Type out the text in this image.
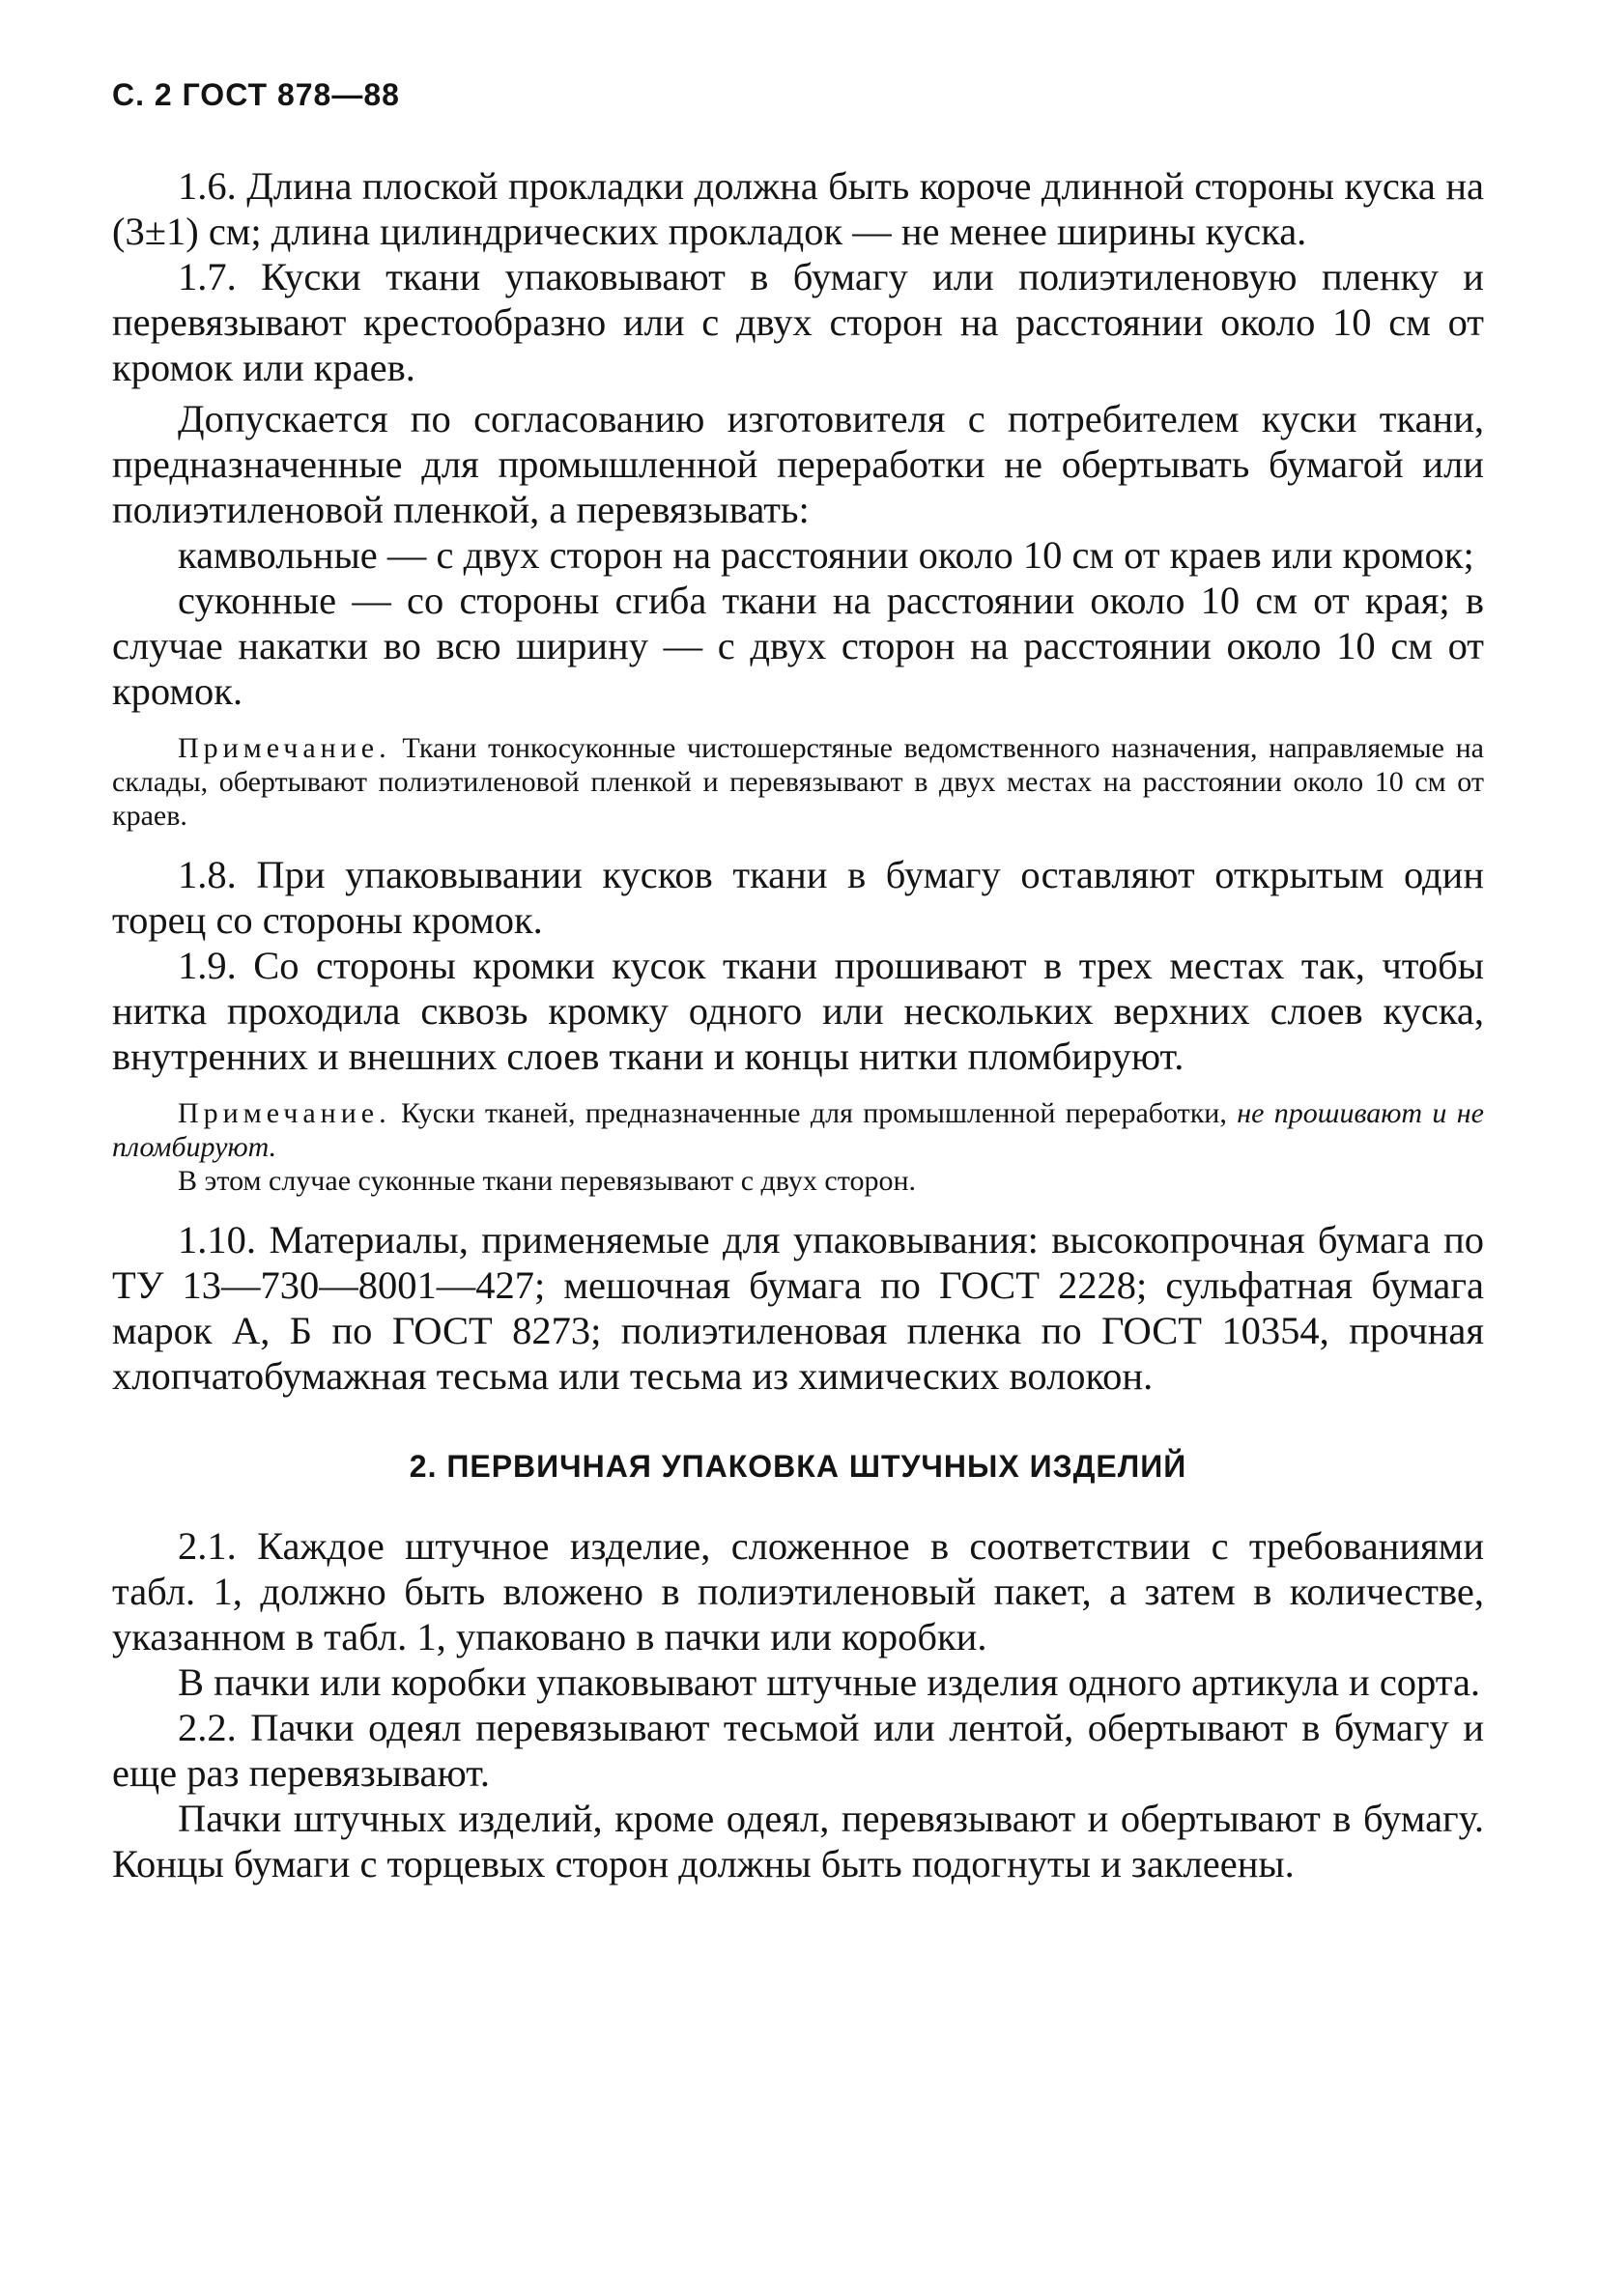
С. 2 ГОСТ 878—88

1.6. Длина плоской прокладки должна быть короче длинной стороны куска на (3±1) см; длина цилиндрических прокладок — не менее ширины куска.

1.7. Куски ткани упаковывают в бумагу или полиэтиленовую пленку и перевязывают крестообразно или с двух сторон на расстоянии около 10 см от кромок или краев.

Допускается по согласованию изготовителя с потребителем куски ткани, предназначенные для промышленной переработки не обертывать бумагой или полиэтиленовой пленкой, а перевязывать:

камвольные — с двух сторон на расстоянии около 10 см от краев или кромок;

суконные — со стороны сгиба ткани на расстоянии около 10 см от края; в случае накатки во всю ширину — с двух сторон на расстоянии около 10 см от кромок.

Примечание. Ткани тонкосуконные чистошерстяные ведомственного назначения, направляемые на склады, обертывают полиэтиленовой пленкой и перевязывают в двух местах на расстоянии около 10 см от краев.

1.8. При упаковывании кусков ткани в бумагу оставляют открытым один торец со стороны кромок.

1.9. Со стороны кромки кусок ткани прошивают в трех местах так, чтобы нитка проходила сквозь кромку одного или нескольких верхних слоев куска, внутренних и внешних слоев ткани и концы нитки пломбируют.

Примечание. Куски тканей, предназначенные для промышленной переработки, не прошивают и не пломбируют.

В этом случае суконные ткани перевязывают с двух сторон.

1.10. Материалы, применяемые для упаковывания: высокопрочная бумага по ТУ 13—730—8001—427; мешочная бумага по ГОСТ 2228; сульфатная бумага марок А, Б по ГОСТ 8273; полиэтиленовая пленка по ГОСТ 10354, прочная хлопчатобумажная тесьма или тесьма из химических волокон.

2. ПЕРВИЧНАЯ УПАКОВКА ШТУЧНЫХ ИЗДЕЛИЙ

2.1. Каждое штучное изделие, сложенное в соответствии с требованиями табл. 1, должно быть вложено в полиэтиленовый пакет, а затем в количестве, указанном в табл. 1, упаковано в пачки или коробки.

В пачки или коробки упаковывают штучные изделия одного артикула и сорта.

2.2. Пачки одеял перевязывают тесьмой или лентой, обертывают в бумагу и еще раз перевязывают.

Пачки штучных изделий, кроме одеял, перевязывают и обертывают в бумагу. Концы бумаги с торцевых сторон должны быть подогнуты и заклеены.
